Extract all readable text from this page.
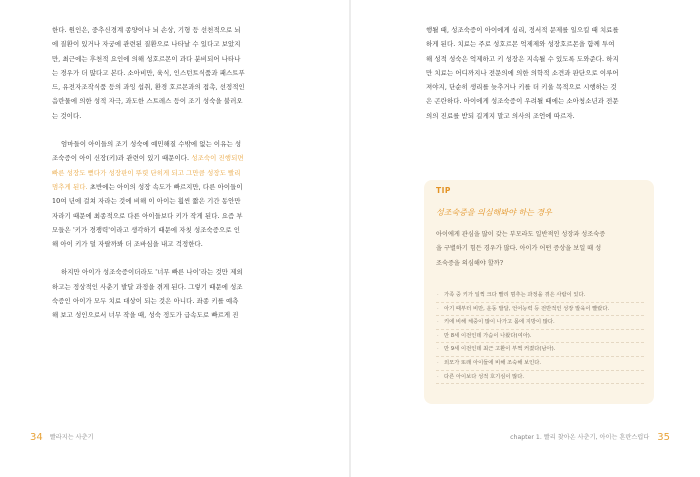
한다. 원인은, 중추신경계 종양이나 뇌 손상, 기형 등 선천적으로 뇌
에 질환이 있거나 자궁에 관련된 질환으로 나타날 수 있다고 보았지
만, 최근에는 후천적 요인에 의해 성호르몬이 과다 분비되어 나타나
는 경우가 더 많다고 본다. 소아비만, 육식, 인스턴트식품과 패스트푸
드, 유전자조작식품 등의 과잉 섭취, 환경 호르몬과의 접촉, 선정적인
음란물에 의한 성적 자극, 과도한 스트레스 등이 조기 성숙을 불러오
는 것이다.

엄마들이 아이들의 조기 성숙에 예민해질 수밖에 없는 이유는 성
조숙증이 아이 신장(키)과 관련이 있기 때문이다. 성조숙이 진행되면
빠른 성장도 뻗다가 성장판이 뚜렷 단히게 되고 그만큼 성장도 빨리
멈추게 된다. 초반에는 아이의 성장 속도가 빠르지만, 다른 아이들이
10여 년에 걸쳐 자라는 것에 비해 이 아이는 훨씬 짧은 기간 동안만
자라기 때문에 최종적으로 다른 아이들보다 키가 작게 된다. 요즘 부
모들은 '키가 경쟁력'이라고 생각하기 때문에 자칫 성조숙증으로 인
해 아이 키가 덜 자랄까봐 더 조바심을 내고 걱정한다.

하지만 아이가 성조숙증이더라도 '너무 빠른 나이'라는 것만 제외
하고는 정상적인 사춘기 발달 과정을 겪게 된다. 그렇기 때문에 성조
숙증인 아이가 모두 치료 대상이 되는 것은 아니다. 좌종 키를 예측
해 보고 성인으로서 너무 작을 때, 성숙 정도가 급속도로 빠르게 진

34 빨라지는 사춘기

행될 때, 성조숙증이 아이에게 심리, 정서적 문제를 일으킬 때 치료를
하게 된다. 치료는 주로 성호르몬 억제제와 성장호르몬을 함께 투여
해 성적 성숙은 억제하고 키 성장은 지속될 수 있도록 도와준다. 하지
만 치료는 어디까지나 전문의에 의한 의학적 소견과 판단으로 이루어
져야지, 단순히 생리를 늦추거나 키를 더 키울 목적으로 시행하는 것
은 곤란하다. 아이에게 성조숙증이 우려될 때에는 소아청소년과 전문
의의 진료를 받되 길게지 말고 의사의 조언에 따르자.

chapter 1. 빨리 찾아온 사춘기, 아이는 혼란스럽다 35
TIP
성조숙증을 의심해봐야 하는 경우
아이에게 관심을 많이 갖는 부모라도 일반적인 성장과 성조숙증
을 구별하기 힘든 경우가 많다. 아이가 어떤 증상을 보일 때 성
조숙증을 의심해야 할까?
· 가족 중 키가 일찍 크다 빨리 멈추는 과정을 겪은 사람이 있다.
· 아기 때부터 비만, 운동 발달, 언어능력 등 전반적인 성장 발육이 빨랐다.
· 키에 비해 체중이 많이 나가고 몸에 지방이 많다.
· 만 8세 이전인데 가슴이 나왔다(여아).
· 만 9세 이전인데 최근 고환이 부쩍 커졌다(남아).
· 외모가 또래 아이들에 비해 조숙해 보인다.
· 다른 아이보다 성적 호기심이 많다.
